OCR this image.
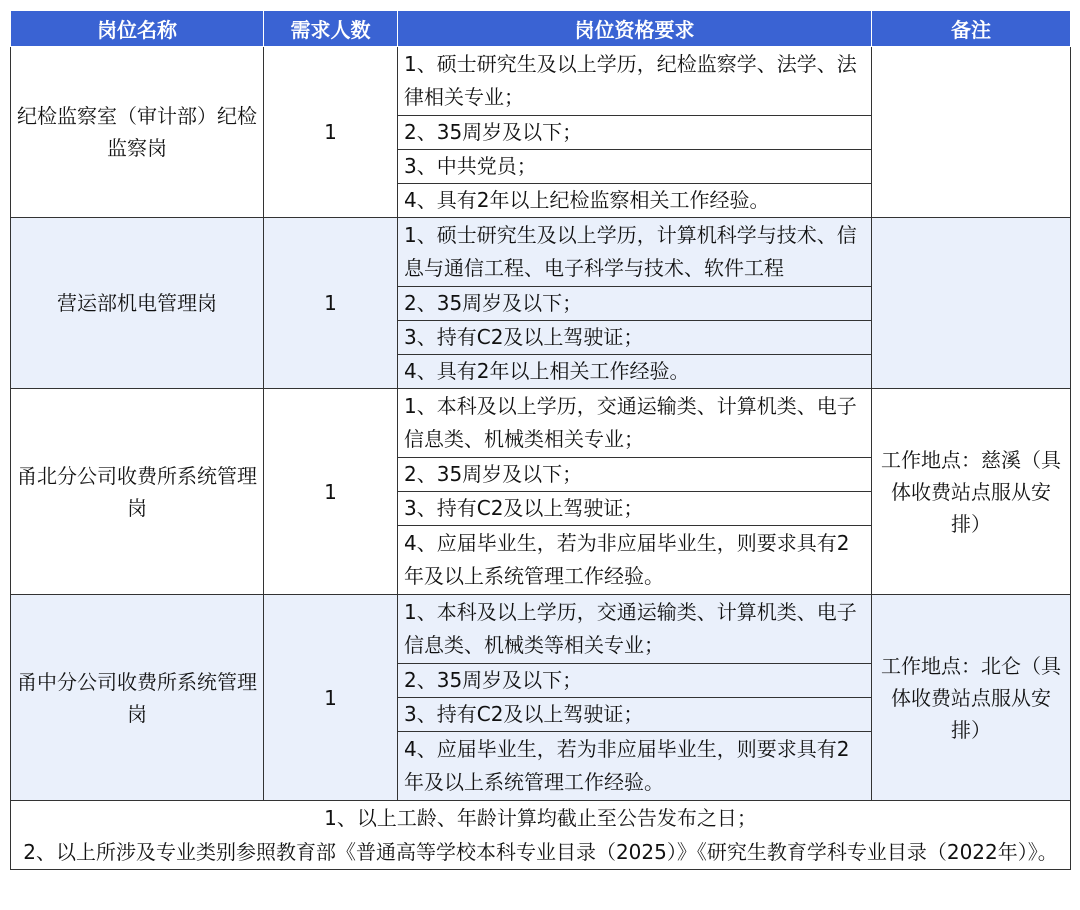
岗位名称	需求人数	岗位资格要求	备注
纪检监察室（审计部）纪检监察岗	1	1、硕士研究生及以上学历，纪检监察学、法学、法律相关专业；	
		2、35周岁及以下；	
		3、中共党员；	
		4、具有2年以上纪检监察相关工作经验。	
营运部机电管理岗	1	1、硕士研究生及以上学历，计算机科学与技术、信息与通信工程、电子科学与技术、软件工程	
		2、35周岁及以下；	
		3、持有C2及以上驾驶证；	
		4、具有2年以上相关工作经验。	
甬北分公司收费所系统管理岗	1	1、本科及以上学历，交通运输类、计算机类、电子信息类、机械类相关专业；	工作地点：慈溪（具体收费站点服从安排）
		2、35周岁及以下；	
		3、持有C2及以上驾驶证；	
		4、应届毕业生，若为非应届毕业生，则要求具有2年及以上系统管理工作经验。	
甬中分公司收费所系统管理岗	1	1、本科及以上学历，交通运输类、计算机类、电子信息类、机械类等相关专业；	工作地点：北仑（具体收费站点服从安排）
		2、35周岁及以下；	
		3、持有C2及以上驾驶证；	
		4、应届毕业生，若为非应届毕业生，则要求具有2年及以上系统管理工作经验。	

1、以上工龄、年龄计算均截止至公告发布之日；
2、以上所涉及专业类别参照教育部《普通高等学校本科专业目录（2025）》《研究生教育学科专业目录（2022年）》。			
